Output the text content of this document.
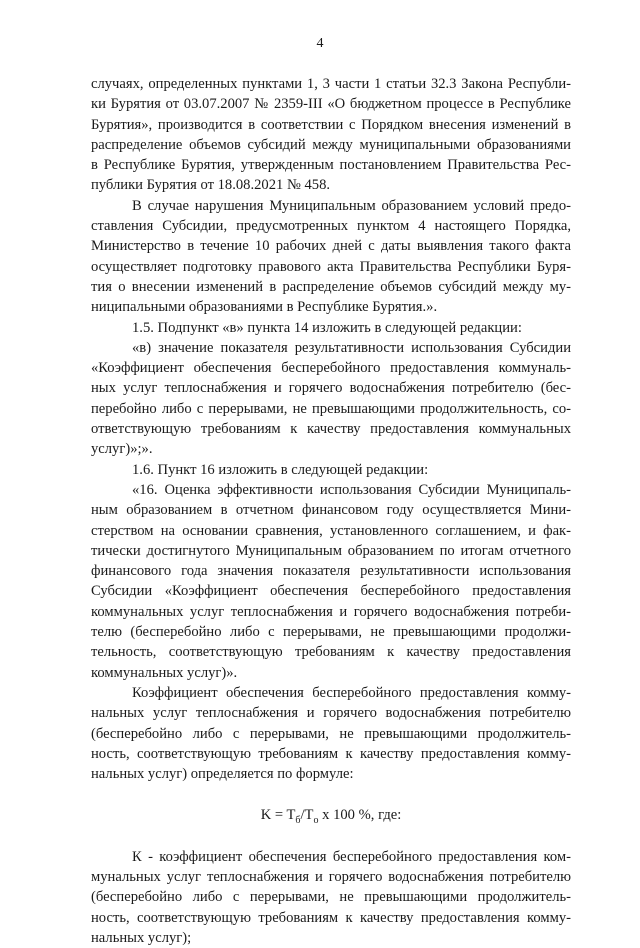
4

случаях, определенных пунктами 1, 3 части 1 статьи 32.3 Закона Республи-
ки Бурятия от 03.07.2007 № 2359-III «О бюджетном процессе в Республике
Бурятия», производится в соответствии с Порядком внесения изменений в
распределение объемов субсидий между муниципальными образованиями
в Республике Бурятия, утвержденным постановлением Правительства Рес-
публики Бурятия от 18.08.2021 № 458.

В случае нарушения Муниципальным образованием условий предо-
ставления Субсидии, предусмотренных пунктом 4 настоящего Порядка,
Министерство в течение 10 рабочих дней с даты выявления такого факта
осуществляет подготовку правового акта Правительства Республики Буря-
тия о внесении изменений в распределение объемов субсидий между му-
ниципальными образованиями в Республике Бурятия.».

1.5. Подпункт «в» пункта 14 изложить в следующей редакции:

«в) значение показателя результативности использования Субсидии
«Коэффициент обеспечения бесперебойного предоставления коммуналь-
ных услуг теплоснабжения и горячего водоснабжения потребителю (бес-
перебойно либо с перерывами, не превышающими продолжительность, со-
ответствующую требованиям к качеству предоставления коммунальных
услуг)»;».

1.6. Пункт 16 изложить в следующей редакции:

«16. Оценка эффективности использования Субсидии Муниципаль-
ным образованием в отчетном финансовом году осуществляется Мини-
стерством на основании сравнения, установленного соглашением, и фак-
тически достигнутого Муниципальным образованием по итогам отчетного
финансового года значения показателя результативности использования
Субсидии «Коэффициент обеспечения бесперебойного предоставления
коммунальных услуг теплоснабжения и горячего водоснабжения потреби-
телю (бесперебойно либо с перерывами, не превышающими продолжи-
тельность, соответствующую требованиям к качеству предоставления
коммунальных услуг)».

Коэффициент обеспечения бесперебойного предоставления комму-
нальных услуг теплоснабжения и горячего водоснабжения потребителю
(бесперебойно либо с перерывами, не превышающими продолжитель-
ность, соответствующую требованиям к качеству предоставления комму-
нальных услуг) определяется по формуле:

$K = T_б/T_о$ x 100 %, где:

К - коэффициент обеспечения бесперебойного предоставления ком-
мунальных услуг теплоснабжения и горячего водоснабжения потребителю
(бесперебойно либо с перерывами, не превышающими продолжитель-
ность, соответствующую требованиям к качеству предоставления комму-
нальных услуг);
